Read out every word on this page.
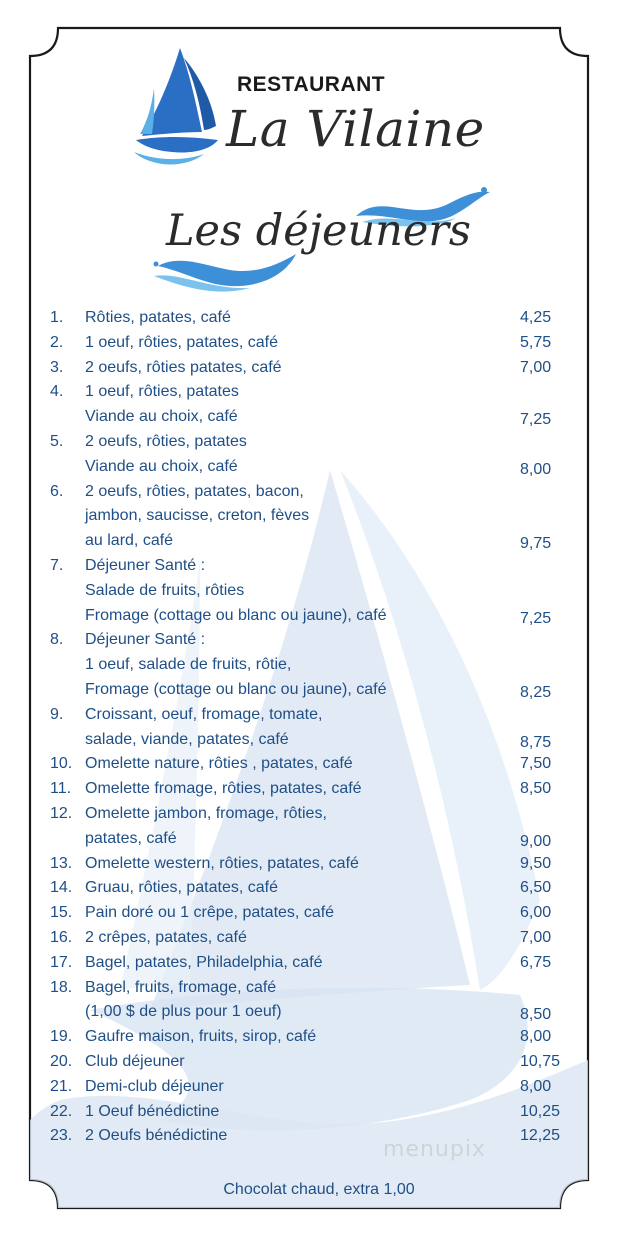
RESTAURANT
La Vilaine
Les déjeuners
1. Rôties, patates, café	4,25
2. 1 oeuf, rôties, patates, café	5,75
3. 2 oeufs, rôties patates, café	7,00
4. 1 oeuf, rôties, patates
Viande au choix, café	7,25
5. 2 oeufs, rôties, patates
Viande au choix, café	8,00
6. 2 oeufs, rôties, patates, bacon,
jambon, saucisse, creton, fèves
au lard, café	9,75
7. Déjeuner Santé :
Salade de fruits, rôties
Fromage (cottage ou blanc ou jaune), café	7,25
8. Déjeuner Santé :
1 oeuf, salade de fruits, rôtie,
Fromage (cottage ou blanc ou jaune), café	8,25
9. Croissant, oeuf, fromage, tomate,
salade, viande, patates, café	8,75
10. Omelette nature, rôties , patates, café	7,50
11. Omelette fromage, rôties, patates, café	8,50
12. Omelette jambon, fromage, rôties,
patates, café	9,00
13. Omelette western, rôties, patates, café	9,50
14. Gruau, rôties, patates, café	6,50
15. Pain doré ou 1 crêpe, patates, café	6,00
16. 2 crêpes, patates, café	7,00
17. Bagel, patates, Philadelphia, café	6,75
18. Bagel, fruits, fromage, café
(1,00 $ de plus pour 1 oeuf)	8,50
19. Gaufre maison, fruits, sirop, café	8,00
20. Club déjeuner	10,75
21. Demi-club déjeuner	8,00
22. 1 Oeuf bénédictine	10,25
23. 2 Oeufs bénédictine	12,25
menupix
Chocolat chaud, extra 1,00
